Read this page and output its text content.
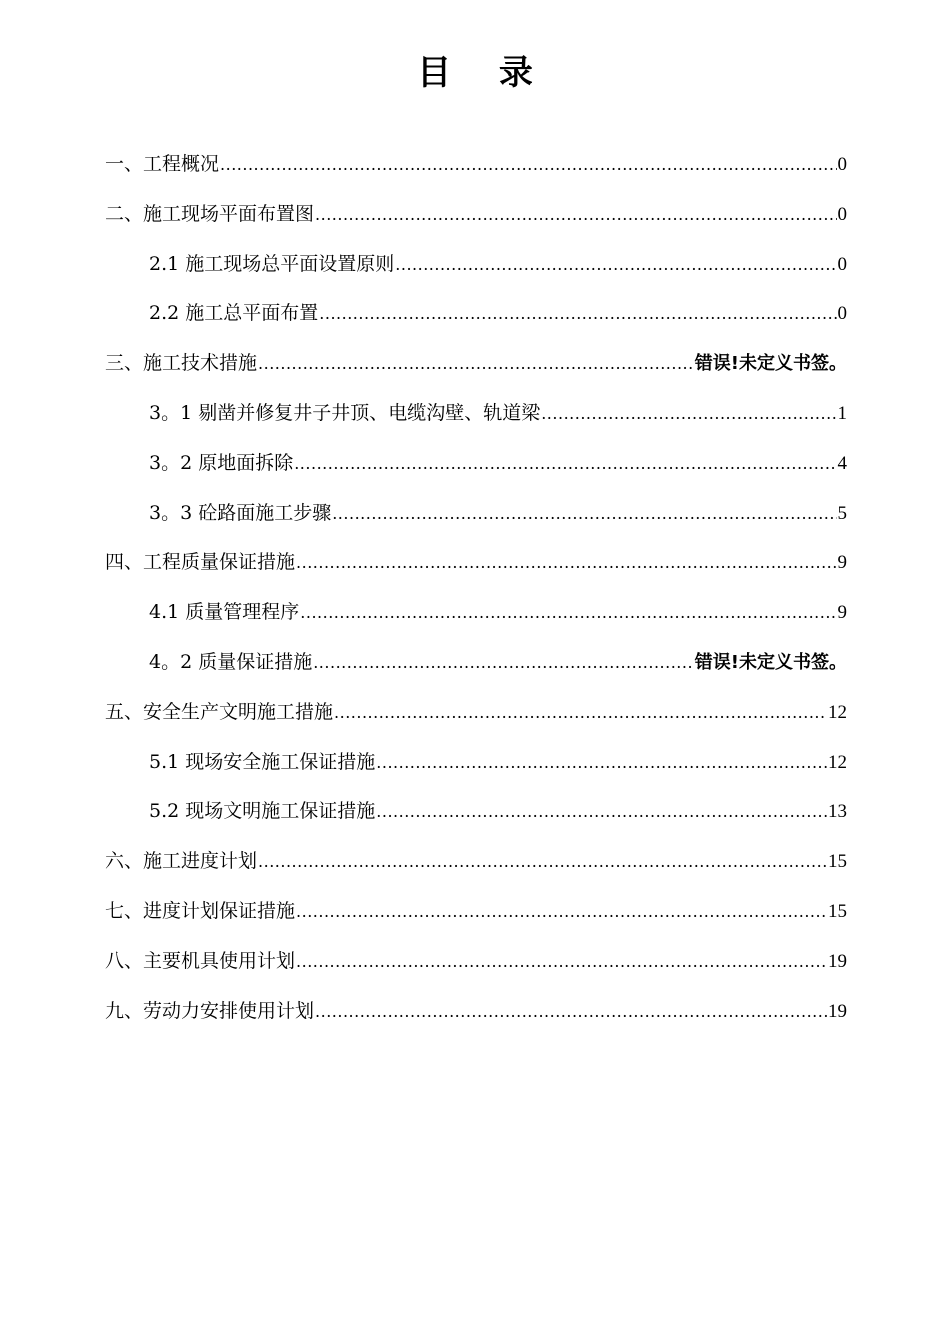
目 录
一、工程概况 .....	0
二、施工现场平面布置图 .....	0
2.1 施工现场总平面设置原则 .....	0
2.2 施工总平面布置 .....	0
三、施工技术措施 .....	错误!未定义书签。
3。1 剔凿并修复井子井顶、电缆沟壁、轨道梁 .....	1
3。2 原地面拆除 .....	4
3。3 砼路面施工步骤 .....	5
四、工程质量保证措施 .....	9
4.1 质量管理程序 .....	9
4。2 质量保证措施 .....	错误!未定义书签。
五、安全生产文明施工措施 .....	12
5.1 现场安全施工保证措施 .....	12
5.2 现场文明施工保证措施 .....	13
六、施工进度计划 .....	15
七、进度计划保证措施 .....	15
八、主要机具使用计划 .....	19
九、劳动力安排使用计划 .....	19
